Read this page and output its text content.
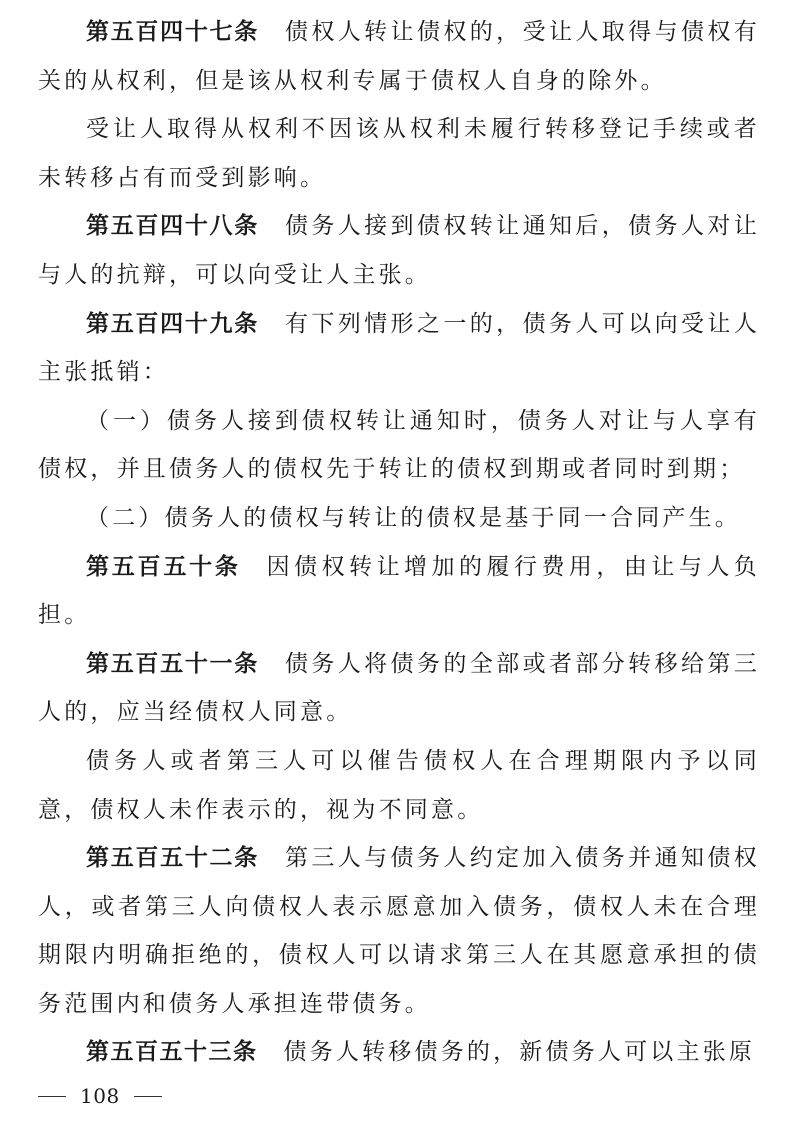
第五百四十七条 债权人转让债权的，受让人取得与债权有关的从权利，但是该从权利专属于债权人自身的除外。

受让人取得从权利不因该从权利未履行转移登记手续或者未转移占有而受到影响。

第五百四十八条 债务人接到债权转让通知后，债务人对让与人的抗辩，可以向受让人主张。

第五百四十九条 有下列情形之一的，债务人可以向受让人主张抵销：

（一）债务人接到债权转让通知时，债务人对让与人享有债权，并且债务人的债权先于转让的债权到期或者同时到期；

（二）债务人的债权与转让的债权是基于同一合同产生。

第五百五十条 因债权转让增加的履行费用，由让与人负担。

第五百五十一条 债务人将债务的全部或者部分转移给第三人的，应当经债权人同意。

债务人或者第三人可以催告债权人在合理期限内予以同意，债权人未作表示的，视为不同意。

第五百五十二条 第三人与债务人约定加入债务并通知债权人，或者第三人向债权人表示愿意加入债务，债权人未在合理期限内明确拒绝的，债权人可以请求第三人在其愿意承担的债务范围内和债务人承担连带债务。

第五百五十三条 债务人转移债务的，新债务人可以主张原

108
